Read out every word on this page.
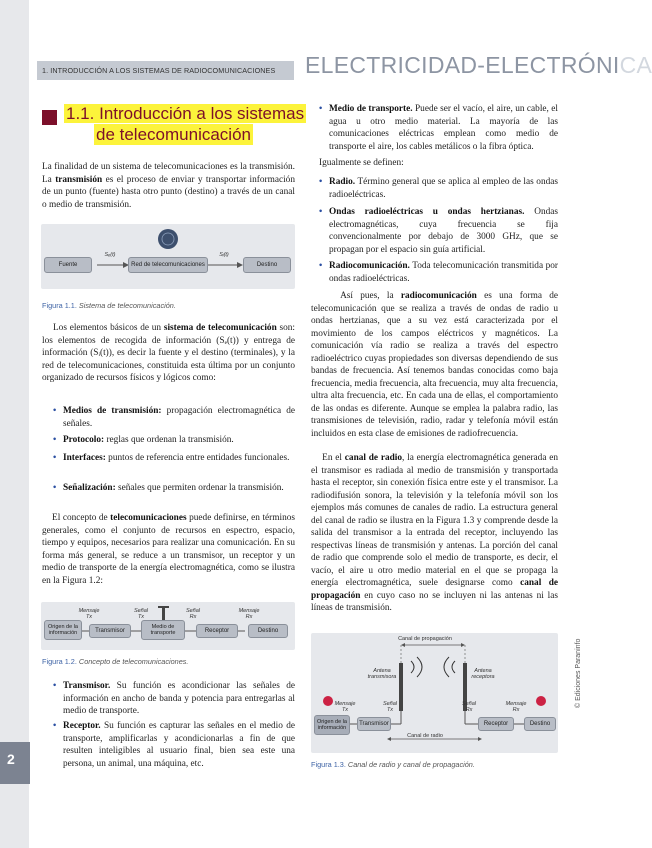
1. INTRODUCCIÓN A LOS SISTEMAS DE RADIOCOMUNICACIONES ELECTRICIDAD-ELECTRÓNICA
2
1.1. Introducción a los sistemas
de telecomunicación
La finalidad de un sistema de telecomunicaciones es la transmisión. La transmisión es el proceso de enviar y transportar información de un punto (fuente) hasta otro punto (destino) a través de un canal o medio de transmisión.
Fuente	Red de telecomunicaciones	Destino
Sₑ(t)	Sᵢ(t)
Figura 1.1. Sistema de telecomunicación.
Los elementos básicos de un sistema de telecomunicación son: los elementos de recogida de información (Sₑ(t)) y entrega de información (Sᵢ(t)), es decir la fuente y el destino (terminales), y la red de telecomunicaciones, constituida esta última por un conjunto organizado de recursos físicos y lógicos como:
• Medios de transmisión: propagación electromagnética de señales.
• Protocolo: reglas que ordenan la transmisión.
• Interfaces: puntos de referencia entre entidades funcionales.
• Señalización: señales que permiten ordenar la transmisión.
El concepto de telecomunicaciones puede definirse, en términos generales, como el conjunto de recursos en espectro, espacio, tiempo y equipos, necesarios para realizar una comunicación. En su forma más general, se reduce a un transmisor, un receptor y un medio de transporte de la energía electromagnética, como se ilustra en la Figura 1.2:
Origen de la información	Transmisor
Medio de transporte	Receptor	Destino
Mensaje Tx
Señal Tx
Señal Rx
Mensaje Rx
Figura 1.2. Concepto de telecomunicaciones.
• Transmisor. Su función es acondicionar las señales de información en ancho de banda y potencia para entregarlas al medio de transporte.
• Receptor. Su función es capturar las señales en el medio de transporte, amplificarlas y acondicionarlas a fin de que resulten inteligibles al usuario final, bien sea este una persona, un animal, una máquina, etc.
• Medio de transporte. Puede ser el vacío, el aire, un cable, el agua u otro medio material. La mayoría de las comunicaciones eléctricas emplean como medio de transporte el aire, los cables metálicos o la fibra óptica.
Igualmente se definen:
• Radio. Término general que se aplica al empleo de las ondas radioeléctricas.
• Ondas radioeléctricas u ondas hertzianas. Ondas electromagnéticas, cuya frecuencia se fija convencionalmente por debajo de 3000 GHz, que se propagan por el espacio sin guía artificial.
• Radiocomunicación. Toda telecomunicación transmitida por ondas radioeléctricas.
Así pues, la radiocomunicación es una forma de telecomunicación que se realiza a través de ondas de radio u ondas hertzianas, que a su vez está caracterizada por el movimiento de los campos eléctricos y magnéticos. La comunicación vía radio se realiza a través del espectro radioeléctrico cuyas propiedades son diversas dependiendo de sus bandas de frecuencia. Así tenemos bandas conocidas como baja frecuencia, media frecuencia, alta frecuencia, muy alta frecuencia, ultra alta frecuencia, etc. En cada una de ellas, el comportamiento de las ondas es diferente. Aunque se emplea la palabra radio, las transmisiones de televisión, radio, radar y telefonía móvil están incluidos en esta clase de emisiones de radiofrecuencia.
En el canal de radio, la energía electromagnética generada en el transmisor es radiada al medio de transmisión y transportada hasta el receptor, sin conexión física entre este y el transmisor. La radiodifusión sonora, la televisión y la telefonía móvil son los ejemplos más comunes de canales de radio. La estructura general del canal de radio se ilustra en la Figura 1.3 y comprende desde la salida del transmisor a la entrada del receptor, incluyendo las respectivas líneas de transmisión y antenas. La porción del canal de radio que comprende solo el medio de transporte, es decir, el vacío, el aire u otro medio material en el que se propaga la energía electromagnética, suele designarse como canal de propagación en cuyo caso no se incluyen ni las antenas ni las líneas de transmisión.
Canal de propagación
Antena transmisora
Antena receptora
Mensaje Tx
Señal Tx
Señal Rx
Mensaje Rx
Origen de la información
Transmisor	Receptor	Destino
Canal de radio
Figura 1.3. Canal de radio y canal de propagación.
© Ediciones Paraninfo
